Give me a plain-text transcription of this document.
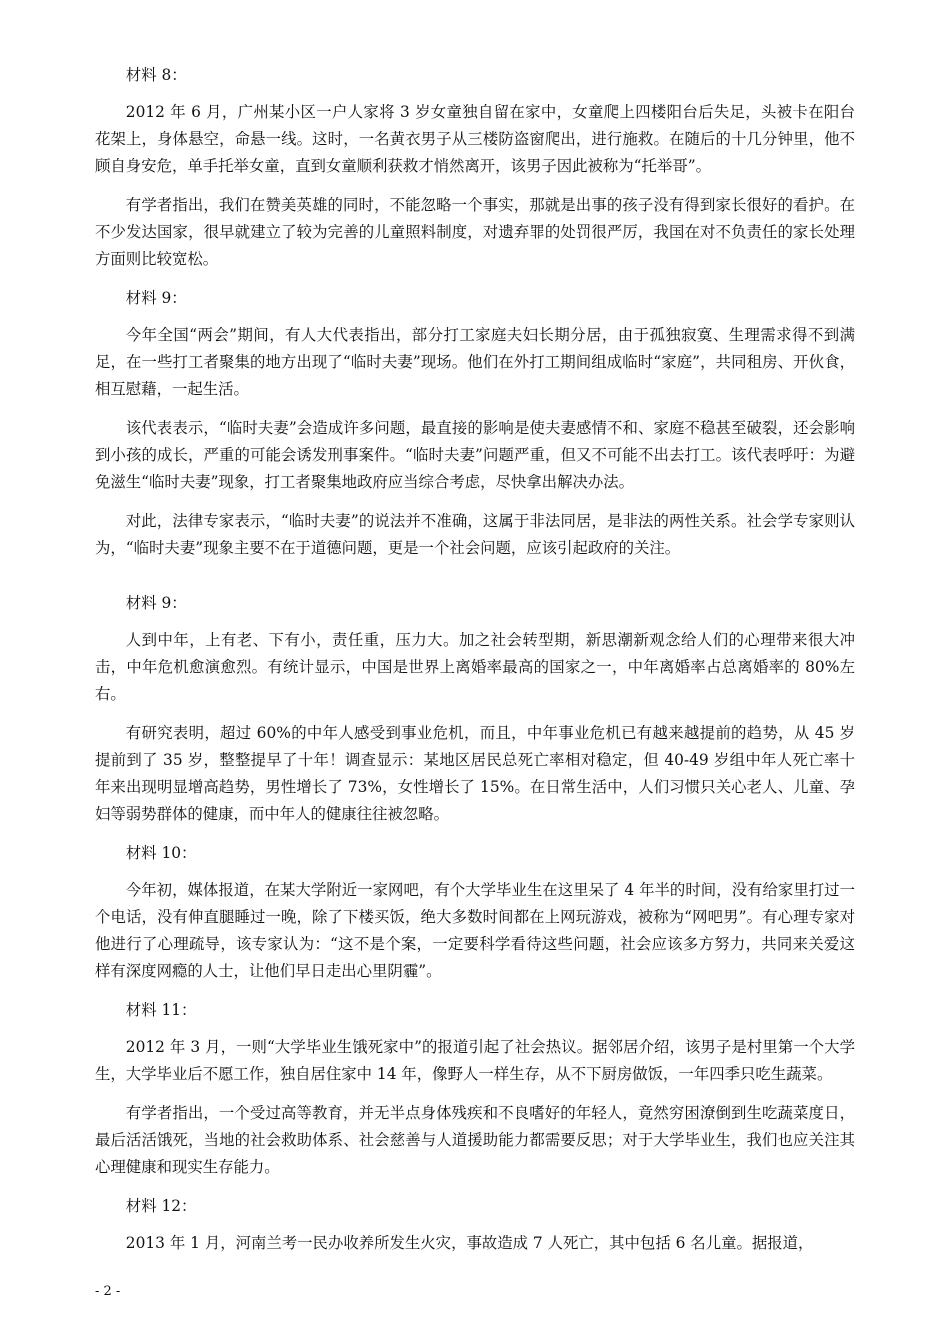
材料 8：

2012 年 6 月，广州某小区一户人家将 3 岁女童独自留在家中，女童爬上四楼阳台后失足，头被卡在阳台花架上，身体悬空，命悬一线。这时，一名黄衣男子从三楼防盗窗爬出，进行施救。在随后的十几分钟里，他不顾自身安危，单手托举女童，直到女童顺利获救才悄然离开，该男子因此被称为“托举哥”。

有学者指出，我们在赞美英雄的同时，不能忽略一个事实，那就是出事的孩子没有得到家长很好的看护。在不少发达国家，很早就建立了较为完善的儿童照料制度，对遗弃罪的处罚很严厉，我国在对不负责任的家长处理方面则比较宽松。

材料 9：

今年全国“两会”期间，有人大代表指出，部分打工家庭夫妇长期分居，由于孤独寂寞、生理需求得不到满足，在一些打工者聚集的地方出现了“临时夫妻”现场。他们在外打工期间组成临时“家庭”，共同租房、开伙食，相互慰藉，一起生活。

该代表表示，“临时夫妻”会造成许多问题，最直接的影响是使夫妻感情不和、家庭不稳甚至破裂，还会影响到小孩的成长，严重的可能会诱发刑事案件。“临时夫妻”问题严重，但又不可能不出去打工。该代表呼吁：为避免滋生“临时夫妻”现象，打工者聚集地政府应当综合考虑，尽快拿出解决办法。

对此，法律专家表示，“临时夫妻”的说法并不准确，这属于非法同居，是非法的两性关系。社会学专家则认为，“临时夫妻”现象主要不在于道德问题，更是一个社会问题，应该引起政府的关注。

材料 9：

人到中年，上有老、下有小，责任重，压力大。加之社会转型期，新思潮新观念给人们的心理带来很大冲击，中年危机愈演愈烈。有统计显示，中国是世界上离婚率最高的国家之一，中年离婚率占总离婚率的 80%左右。

有研究表明，超过 60%的中年人感受到事业危机，而且，中年事业危机已有越来越提前的趋势，从 45 岁提前到了 35 岁，整整提早了十年！调查显示：某地区居民总死亡率相对稳定，但 40-49 岁组中年人死亡率十年来出现明显增高趋势，男性增长了 73%，女性增长了 15%。在日常生活中，人们习惯只关心老人、儿童、孕妇等弱势群体的健康，而中年人的健康往往被忽略。

材料 10：

今年初，媒体报道，在某大学附近一家网吧，有个大学毕业生在这里呆了 4 年半的时间，没有给家里打过一个电话，没有伸直腿睡过一晚，除了下楼买饭，绝大多数时间都在上网玩游戏，被称为“网吧男”。有心理专家对他进行了心理疏导，该专家认为：“这不是个案，一定要科学看待这些问题，社会应该多方努力，共同来关爱这样有深度网瘾的人士，让他们早日走出心里阴霾”。

材料 11：

2012 年 3 月，一则“大学毕业生饿死家中”的报道引起了社会热议。据邻居介绍，该男子是村里第一个大学生，大学毕业后不愿工作，独自居住家中 14 年，像野人一样生存，从不下厨房做饭，一年四季只吃生蔬菜。

有学者指出，一个受过高等教育，并无半点身体残疾和不良嗜好的年轻人，竟然穷困潦倒到生吃蔬菜度日，最后活活饿死，当地的社会救助体系、社会慈善与人道援助能力都需要反思；对于大学毕业生，我们也应关注其心理健康和现实生存能力。

材料 12：

2013 年 1 月，河南兰考一民办收养所发生火灾，事故造成 7 人死亡，其中包括 6 名儿童。据报道，

- 2 -
